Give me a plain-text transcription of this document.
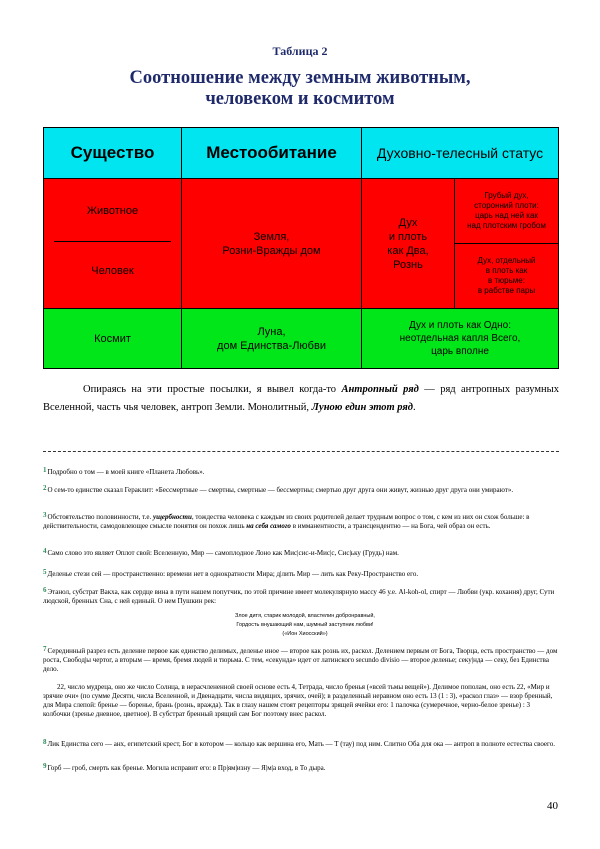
Таблица 2
Соотношение между земным животным,
человеком и космитом
Существо	Местообитание	Духовно-телесный статус
Животное
Человек
Земля,
Розни-Вражды дом
Дух
и плоть
как Два,
Рознь
Грубый дух,
сторонний плоти:
царь над ней как
над плотским гробом
Дух, отдельный
в плоть как
в тюрьме:
в рабстве пары
Космит
Луна,
дом Единства-Любви
Дух и плоть как Одно:
неотдельная капля Всего,
царь вполне
Опираясь на эти простые посылки, я вывел когда-то Антропный ряд — ряд антропных разумных Вселенной, часть чья человек, антроп Земли. Монолитный, Луною един этот ряд.
$^1$Подробно о том — в моей книге «Планета Любовь».
$^2$О сем-то единстве сказал Гераклит: «Бессмертные — смертны, смертные — бессмертны; смертью друг друга они живут, жизнью друг друга они умирают».
$^3$Обстоятельство половинности, т.е. ущербности, тождества человека с каждым из своих родителей делает трудным вопрос о том, с кем из них он схож больше: в действительности, самодовлеющее смысле понятия он похож лишь на себя самого в имманентности, а трансцендентно — на Бога, чей образ он есть.
$^4$Само слово это являет Оплот свой: Вселенную, Мир — самоплодное Лоно как Мис|сис-и-Мис|с, Сис|ьку (Грудь) нам.
$^5$Деленье стези сей — пространственно: времени нет в однократности Мира; д|лить Мир — лить как Реку-Пространство его.
$^6$Этанол, субстрат Вакха, как сердце вина в пути нашем попутчик, по этой причине имеет молекулярную массу 46 у.е. Al-koh-ol, спирт — Любви (укр. кохання) друг, Сути людской, бренных Сна, с ней единый. О нем Пушкин рек:
Злое дитя, старик молодой, властелин добронравный,
Гордость внушающий нам, шумный заступник любви!
(«Ион Хиосский»)
$^7$Серединный разрез есть деление первое как единство делимых, деленье иное — второе как рознь их, раскол. Делением первым от Бога, Творца, есть пространство — дом роста, Свобод|ы чертог, а вторым — время, бремя людей и тюрьма. С тем, «секунда» идет от латинского secundo divisio — второе деленье; секу|нда — секу, без Единства дело.
22, число мудреца, оно же число Солнца, в нерасчлененной своей основе есть 4, Тетрада, число бренья («всей тьмы вещей»). Делимое пополам, оно есть 22, «Мир и зрячие очи» (по сумме Десяти, числа Вселенной, и Двенадцати, числа видящих, зрячих, очей); в разделенный неравном оно есть 13 (1 : 3), «раскол глаз» — взор бренный, для Мира слепой: бренье — боренье, брань (рознь, вражда). Так в глазу нашем стоят рецепторы зрящей ячейки его: 1 палочка (сумеречное, черно-белое зренье) : 3 колбочки (зренье дневное, цветное). В субстрат бренный зрящий сам Бог поэтому внес раскол.
$^8$Лик Единства сего — анх, египетский крест, Бог в котором — кольцо как вершина его, Мать — Т (тау) под ним. Слитно Оба для ока — антроп в полноте естества своего.
$^9$Горб — гроб, смерть как бренье. Могила исправит его: в Пр|ям|изну — Я|м|а вход, в То дыра.
40
